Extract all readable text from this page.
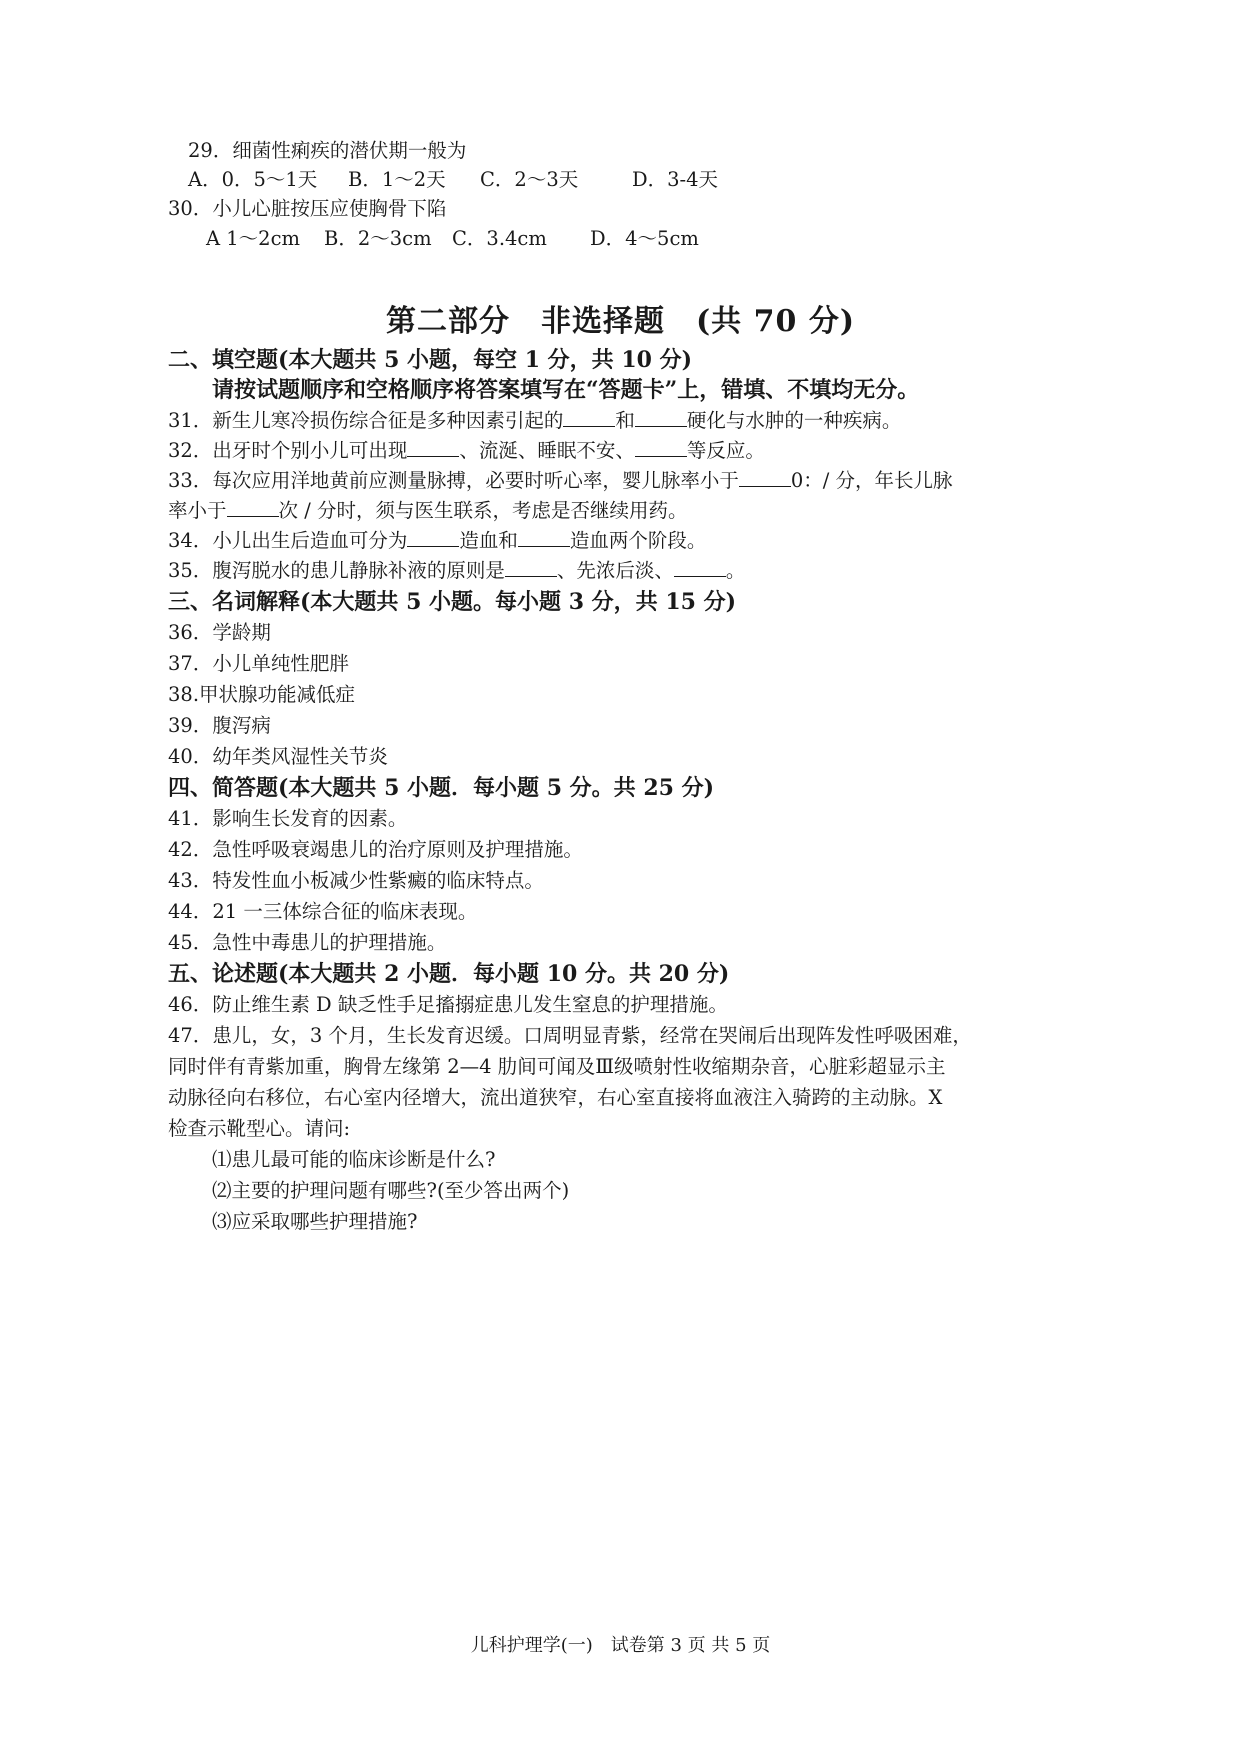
29．细菌性痢疾的潜伏期一般为
A．0．5～1天 B．1～2天 C．2～3天	D．3-4天
30．小儿心脏按压应使胸骨下陷
A 1～2cm B．2～3cm C．3.4cm D．4～5cm
第二部分　非选择题　(共 70 分)
二、填空题(本大题共 5 小题，每空 1 分，共 10 分)
请按试题顺序和空格顺序将答案填写在“答题卡”上，错填、不填均无分。
31．新生儿寒冷损伤综合征是多种因素引起的	和	硬化与水肿的一种疾病。
32．出牙时个别小儿可出现	、流涎、睡眠不安、	等反应。
33．每次应用洋地黄前应测量脉搏，必要时听心率，婴儿脉率小于	0：/ 分，年长儿脉
率小于	次 / 分时，须与医生联系，考虑是否继续用药。
34．小儿出生后造血可分为	造血和	造血两个阶段。
35．腹泻脱水的患儿静脉补液的原则是	、先浓后淡、	。
三、名词解释(本大题共 5 小题。每小题 3 分，共 15 分)
36．学龄期
37．小儿单纯性肥胖
38.甲状腺功能减低症
39．腹泻病
40．幼年类风湿性关节炎
四、简答题(本大题共 5 小题．每小题 5 分。共 25 分)
41．影响生长发育的因素。
42．急性呼吸衰竭患儿的治疗原则及护理措施。
43．特发性血小板减少性紫癜的临床特点。
44．21 一三体综合征的临床表现。
45．急性中毒患儿的护理措施。
五、论述题(本大题共 2 小题．每小题 10 分。共 20 分)
46．防止维生素 D 缺乏性手足搐搦症患儿发生窒息的护理措施。
47．患儿，女，3 个月，生长发育迟缓。口周明显青紫，经常在哭闹后出现阵发性呼吸困难，
同时伴有青紫加重，胸骨左缘第 2—4 肋间可闻及Ⅲ级喷射性收缩期杂音，心脏彩超显示主
动脉径向右移位，右心室内径增大，流出道狭窄，右心室直接将血液注入骑跨的主动脉。X
检查示靴型心。请问:
⑴患儿最可能的临床诊断是什么?
⑵主要的护理问题有哪些?(至少答出两个)
⑶应采取哪些护理措施?
儿科护理学(一)　试卷第 3 页 共 5 页
